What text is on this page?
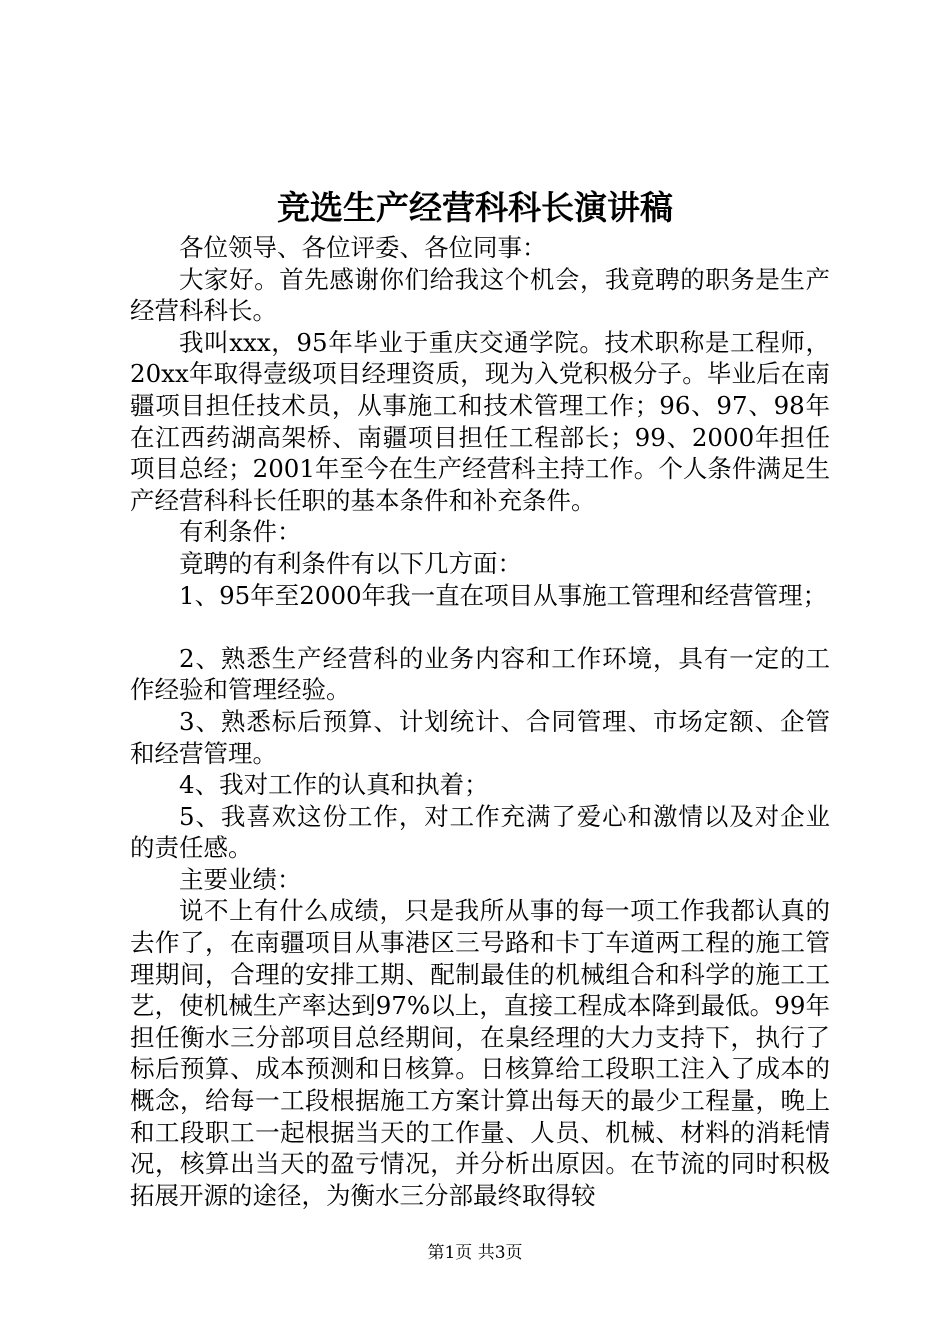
竞选生产经营科科长演讲稿

各位领导、各位评委、各位同事：

大家好。首先感谢你们给我这个机会，我竟聘的职务是生产经营科科长。

我叫xxx，95年毕业于重庆交通学院。技术职称是工程师，20xx年取得壹级项目经理资质，现为入党积极分子。毕业后在南疆项目担任技术员，从事施工和技术管理工作；96、97、98年在江西药湖高架桥、南疆项目担任工程部长；99、2000年担任项目总经；2001年至今在生产经营科主持工作。个人条件满足生产经营科科长任职的基本条件和补充条件。

有利条件：

竟聘的有利条件有以下几方面：

1、95年至2000年我一直在项目从事施工管理和经营管理；

2、熟悉生产经营科的业务内容和工作环境，具有一定的工作经验和管理经验。

3、熟悉标后预算、计划统计、合同管理、市场定额、企管和经营管理。

4、我对工作的认真和执着；

5、我喜欢这份工作，对工作充满了爱心和激情以及对企业的责任感。

主要业绩：

说不上有什么成绩，只是我所从事的每一项工作我都认真的去作了，在南疆项目从事港区三号路和卡丁车道两工程的施工管理期间，合理的安排工期、配制最佳的机械组合和科学的施工工艺，使机械生产率达到97%以上，直接工程成本降到最低。99年担任衡水三分部项目总经期间，在臬经理的大力支持下，执行了标后预算、成本预测和日核算。日核算给工段职工注入了成本的概念，给每一工段根据施工方案计算出每天的最少工程量，晚上和工段职工一起根据当天的工作量、人员、机械、材料的消耗情况，核算出当天的盈亏情况，并分析出原因。在节流的同时积极拓展开源的途径，为衡水三分部最终取得较

第1页 共3页
